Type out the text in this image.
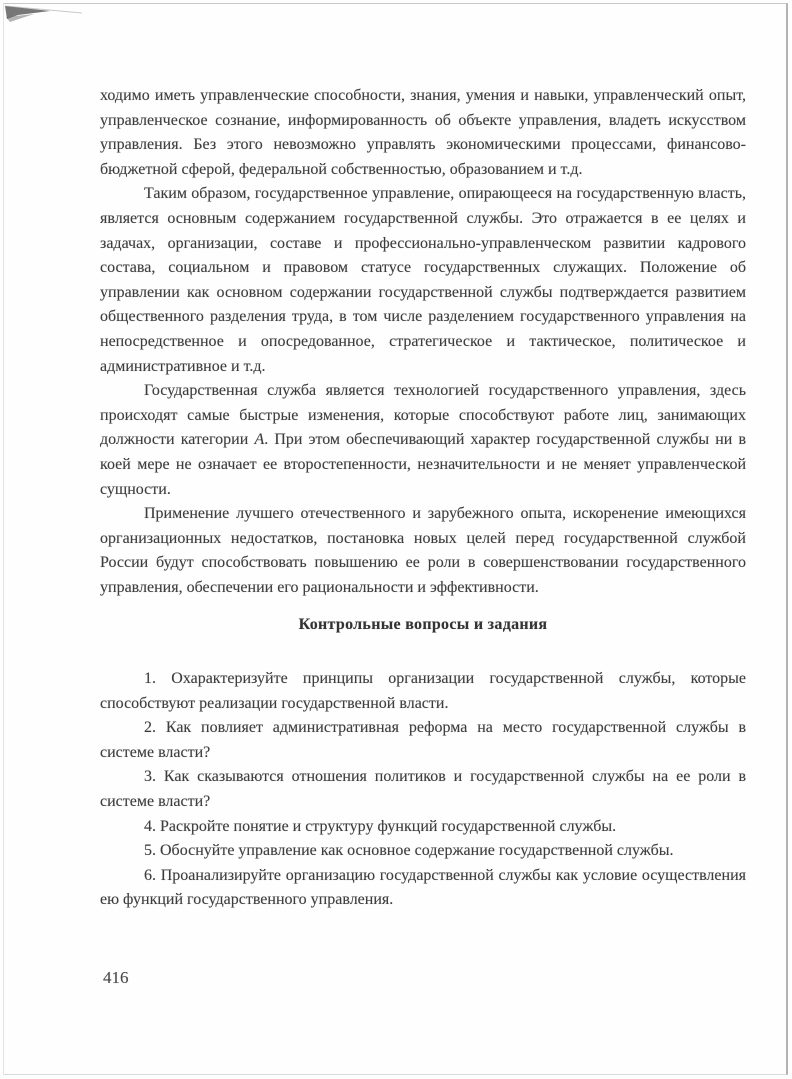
ходимо иметь управленческие способности, знания, умения и навыки, управленческий опыт, управленческое сознание, информированность об объекте управления, владеть искусством управления. Без этого невозможно управлять экономическими процессами, финансово-бюджетной сферой, федеральной собственностью, образованием и т.д.

Таким образом, государственное управление, опирающееся на государственную власть, является основным содержанием государственной службы. Это отражается в ее целях и задачах, организации, составе и профессионально-управленческом развитии кадрового состава, социальном и правовом статусе государственных служащих. Положение об управлении как основном содержании государственной службы подтверждается развитием общественного разделения труда, в том числе разделением государственного управления на непосредственное и опосредованное, стратегическое и тактическое, политическое и административное и т.д.

Государственная служба является технологией государственного управления, здесь происходят самые быстрые изменения, которые способствуют работе лиц, занимающих должности категории А. При этом обеспечивающий характер государственной службы ни в коей мере не означает ее второстепенности, незначительности и не меняет управленческой сущности.

Применение лучшего отечественного и зарубежного опыта, искоренение имеющихся организационных недостатков, постановка новых целей перед государственной службой России будут способствовать повышению ее роли в совершенствовании государственного управления, обеспечении его рациональности и эффективности.

Контрольные вопросы и задания

1. Охарактеризуйте принципы организации государственной службы, которые способствуют реализации государственной власти.

2. Как повлияет административная реформа на место государственной службы в системе власти?

3. Как сказываются отношения политиков и государственной службы на ее роли в системе власти?

4. Раскройте понятие и структуру функций государственной службы.

5. Обоснуйте управление как основное содержание государственной службы.

6. Проанализируйте организацию государственной службы как условие осуществления ею функций государственного управления.

416
